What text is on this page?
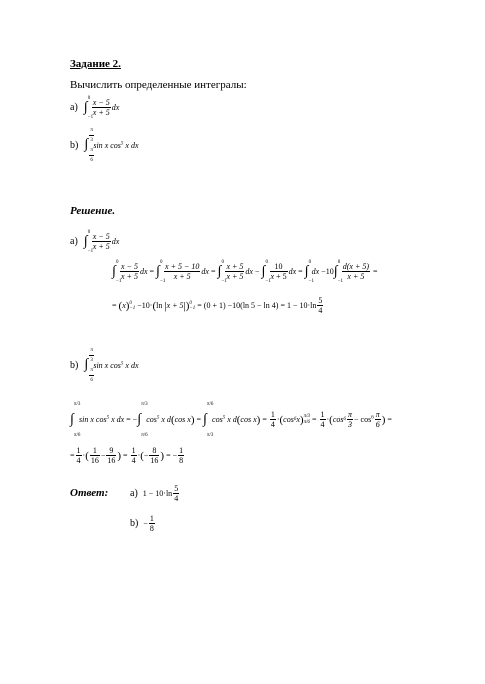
Задание 2.
Вычислить определенные интегралы:
a) ∫
0
−1
$\frac{x - 5}{x + 5}$ dx
b) ∫ $\frac{\pi}{3}$
$\frac{\pi}{6}$
sin x $\cos^5 x$ dx
Решение.
a) ∫
0
−1
$\frac{x - 5}{x + 5}$ dx
∫
0
−1
$\frac{x - 5}{x + 5}$ dx = ∫
0
−1
$\frac{x + 5 - 10}{x + 5}$ dx = ∫
0
−1
$\frac{x + 5}{x + 5}$ dx − ∫
0
−1
$\frac{10}{x + 5}$ dx = ∫
0
−1
dx −10 ∫
0
−1
$\frac{d(x + 5)}{x + 5}$ =
= ( x ) 0
−1 −10· ( ln
| x + 5 | ) 0
−1 = (0 + 1) −10(ln $5 - \ln 4) = 1 - 10\cdot\ln \frac{5}{4}$
b) ∫ $\frac{\pi}{3}$
$\frac{\pi}{6}$
sin x $\cos^5 x$ dx
∫
π/3
π/6
sin x $\cos^5 x$ dx = − ∫
π/3
π/6
$\cos^5 x$ d ( cos x ) = ∫
π/6
π/3
$\cos^5 x$ d ( cos x ) = $\frac{1}{4}$ · ( cos 6 x ) π/3
$\pi/6 = \frac{1}{4}$ · ( $\cos 6 \frac{\pi}{3} - \cos^6 \frac{\pi}{6}$ ) =
= $\frac{1}{4}$ · ( $\frac{1}{16} - \frac{9}{16}$ ) = $\frac{1}{4}$ · ( − $\frac{8}{16}$ ) = − $\frac{1}{8}$
Ответ: a) $1 - 10\cdot\ln \frac{5}{4}$
$b) - \frac{1}{8}$
